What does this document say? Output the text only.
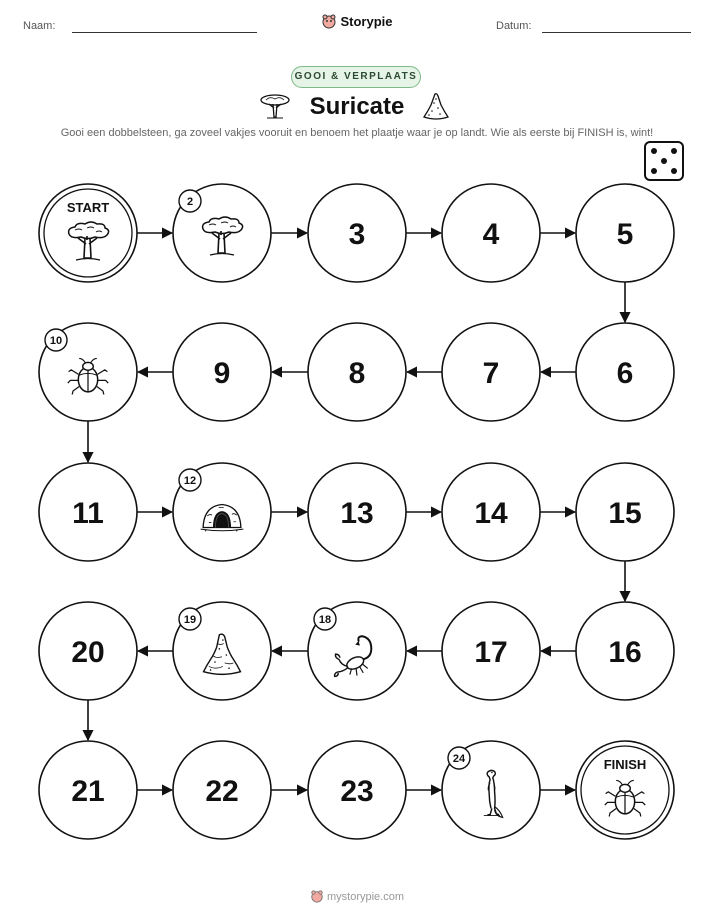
Naam:	Storypie	Datum:
GOOI & VERPLAATS
Suricate
Gooi een dobbelsteen, ga zoveel vakjes vooruit en benoem het plaatje waar je op landt. Wie als eerste bij FINISH is, wint!
START	2
3	4	5
6
7
8
9
10
11
12
13	14	15
16
17
18
19
20
21	22	23
24	FINISH
mystorypie.com
